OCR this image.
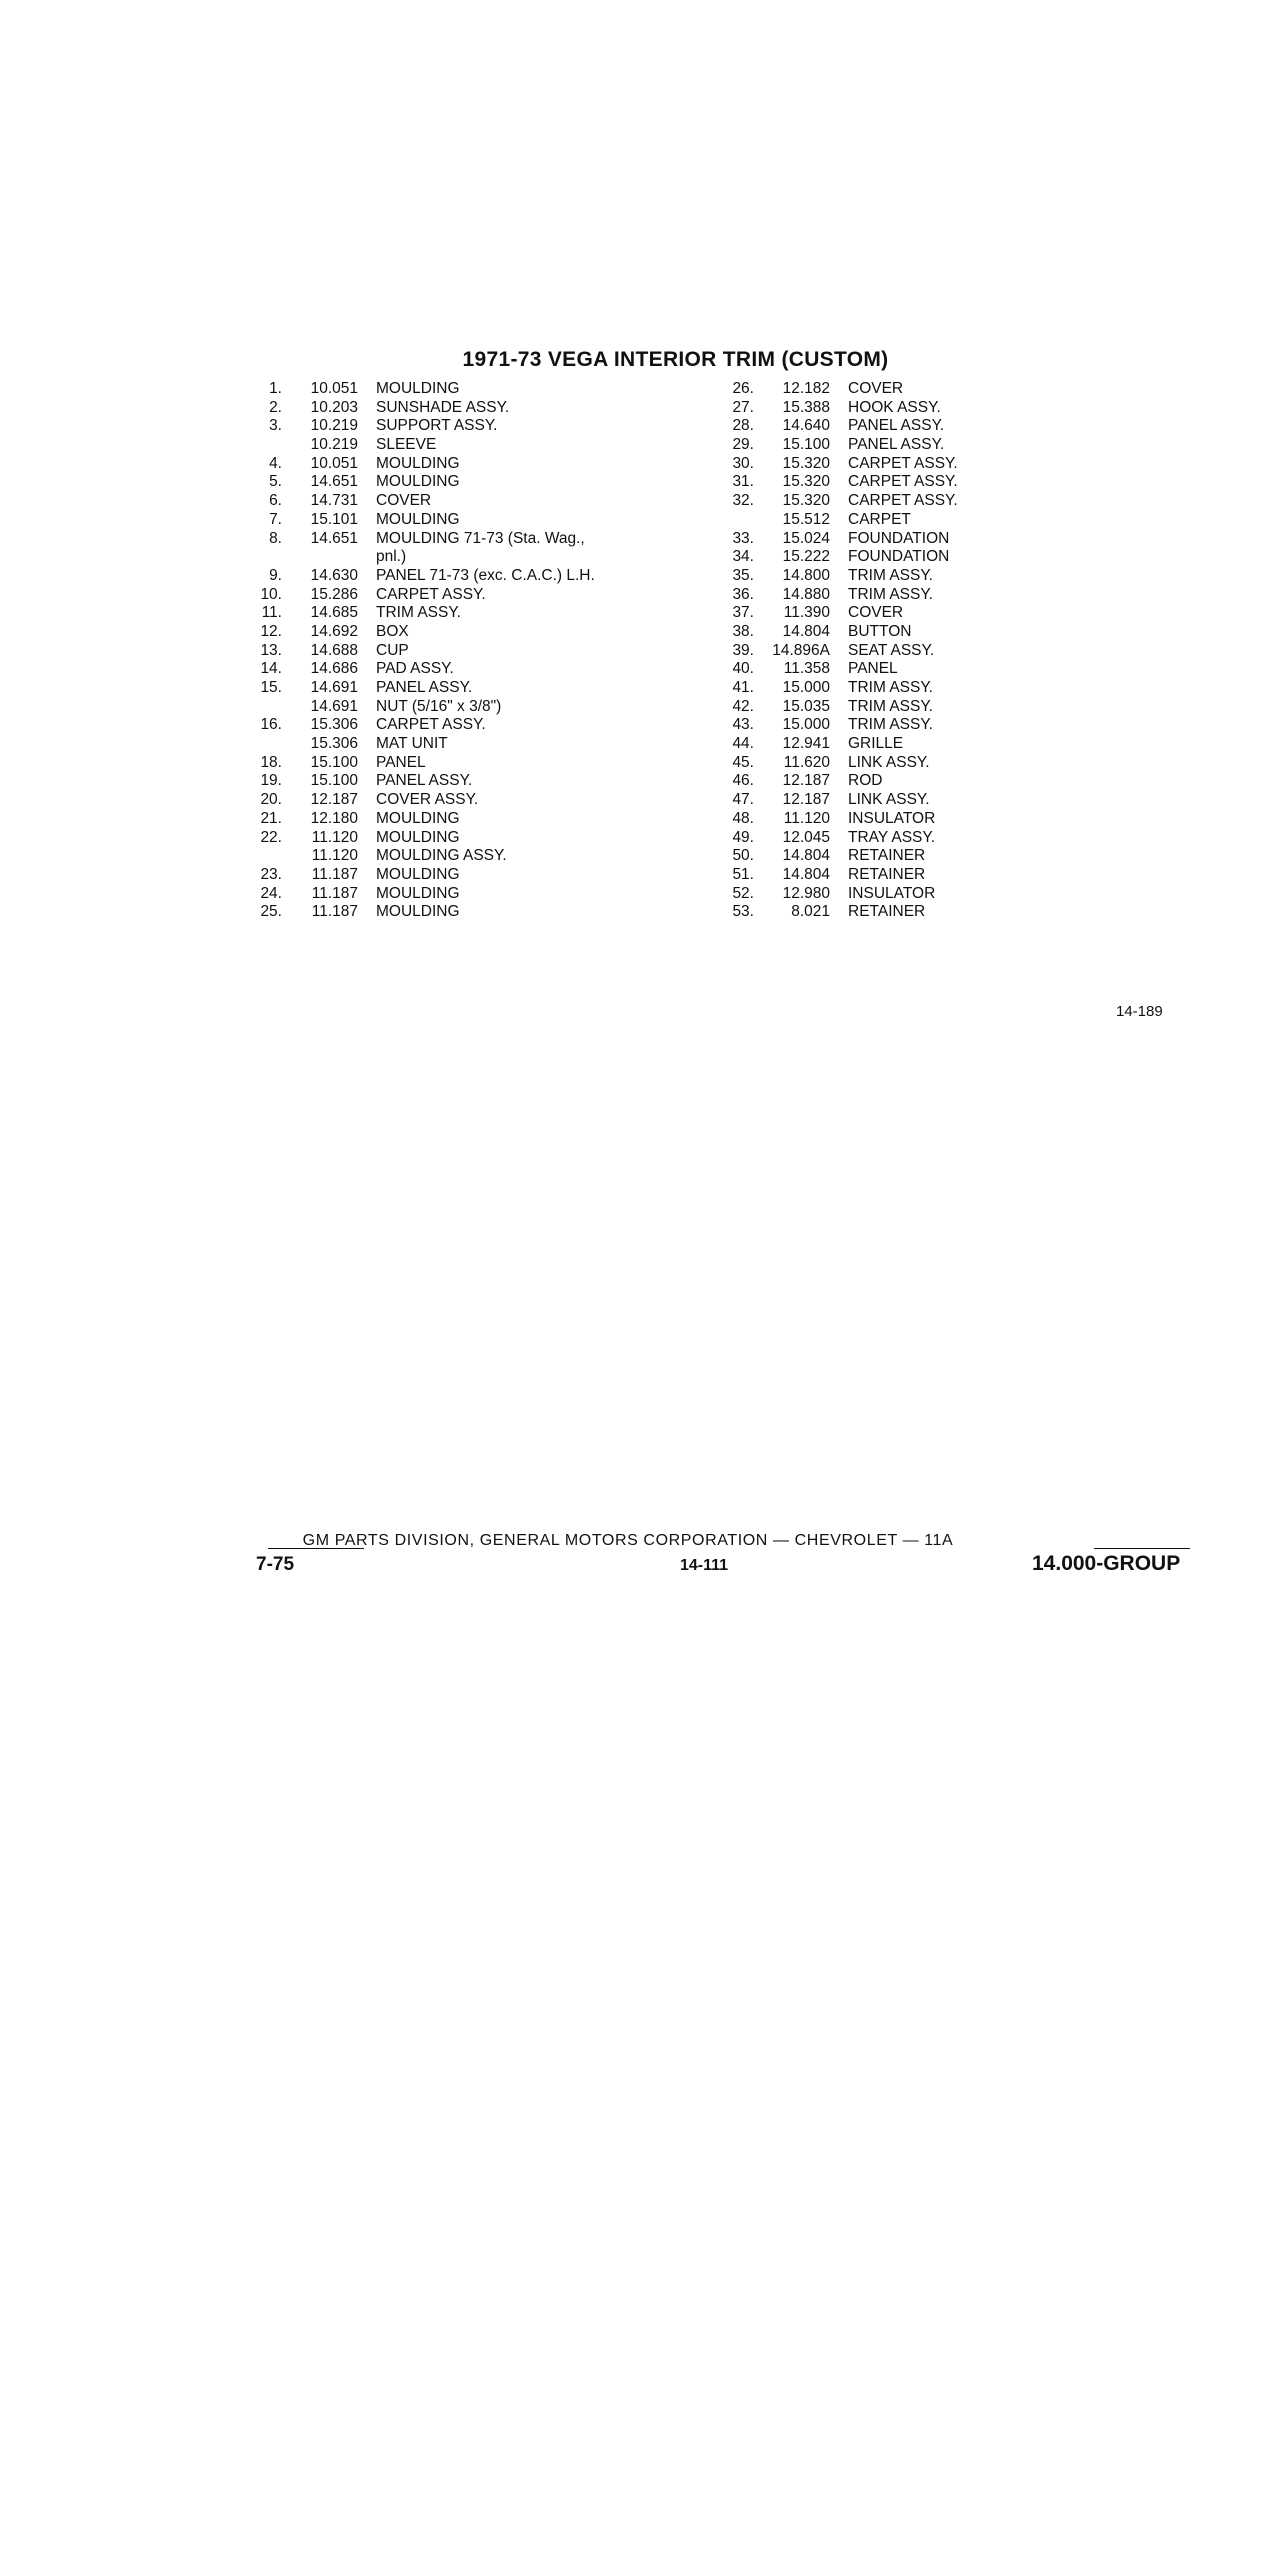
1971-73 VEGA INTERIOR TRIM (CUSTOM)
1.	10.051	MOULDING
2.	10.203	SUNSHADE ASSY.
3.	10.219	SUPPORT ASSY.
10.219	SLEEVE
4.	10.051	MOULDING
5.	14.651	MOULDING
6.	14.731	COVER
7.	15.101	MOULDING
8.	14.651	MOULDING 71-73 (Sta. Wag.,
pnl.)
9.	14.630	PANEL 71-73 (exc. C.A.C.) L.H.
10.	15.286	CARPET ASSY.
11.	14.685	TRIM ASSY.
12.	14.692	BOX
13.	14.688	CUP
14.	14.686	PAD ASSY.
15.	14.691	PANEL ASSY.
14.691	NUT (5/16" x 3/8")
16.	15.306	CARPET ASSY.
15.306	MAT UNIT
18.	15.100	PANEL
19.	15.100	PANEL ASSY.
20.	12.187	COVER ASSY.
21.	12.180	MOULDING
22.	11.120	MOULDING
11.120	MOULDING ASSY.
23.	11.187	MOULDING
24.	11.187	MOULDING
25.	11.187	MOULDING
26.	12.182	COVER
27.	15.388	HOOK ASSY.
28.	14.640	PANEL ASSY.
29.	15.100	PANEL ASSY.
30.	15.320	CARPET ASSY.
31.	15.320	CARPET ASSY.
32.	15.320	CARPET ASSY.
15.512	CARPET
33.	15.024	FOUNDATION
34.	15.222	FOUNDATION
35.	14.800	TRIM ASSY.
36.	14.880	TRIM ASSY.
37.	11.390	COVER
38.	14.804	BUTTON
39.	14.896A	SEAT ASSY.
40.	11.358	PANEL
41.	15.000	TRIM ASSY.
42.	15.035	TRIM ASSY.
43.	15.000	TRIM ASSY.
44.	12.941	GRILLE
45.	11.620	LINK ASSY.
46.	12.187	ROD
47.	12.187	LINK ASSY.
48.	11.120	INSULATOR
49.	12.045	TRAY ASSY.
50.	14.804	RETAINER
51.	14.804	RETAINER
52.	12.980	INSULATOR
53.	8.021	RETAINER
14-189
GM PARTS DIVISION, GENERAL MOTORS CORPORATION — CHEVROLET — 11A
7-75	14-111	14.000-GROUP
